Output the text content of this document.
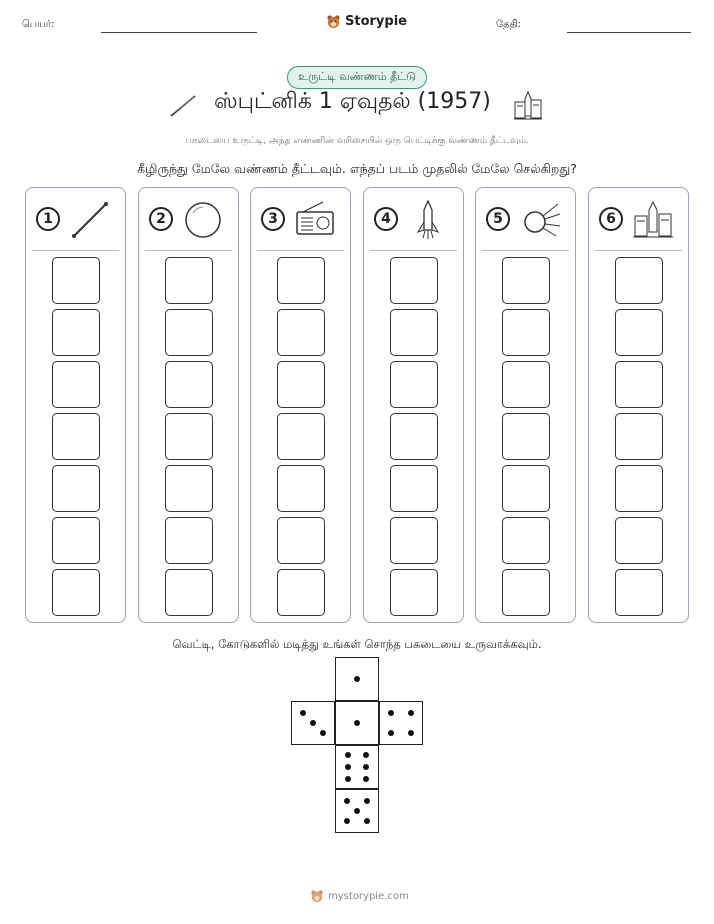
பெயர்:	Storypie	தேதி:
உருட்டி வண்ணம் தீட்டு
ஸ்புட்னிக் 1 ஏவுதல் (1957)
பகடையை உருட்டி, அந்த எண்ணின் வரிசையில் ஒரு பெட்டிக்கு வண்ணம் தீட்டவும்.
கீழிருந்து மேலே வண்ணம் தீட்டவும். எந்தப் படம் முதலில் மேலே செல்கிறது?
1	2	3	4	5	6
வெட்டி, கோடுகளில் மடித்து உங்கள் சொந்த பகடையை உருவாக்கவும்.
mystorypie.com
